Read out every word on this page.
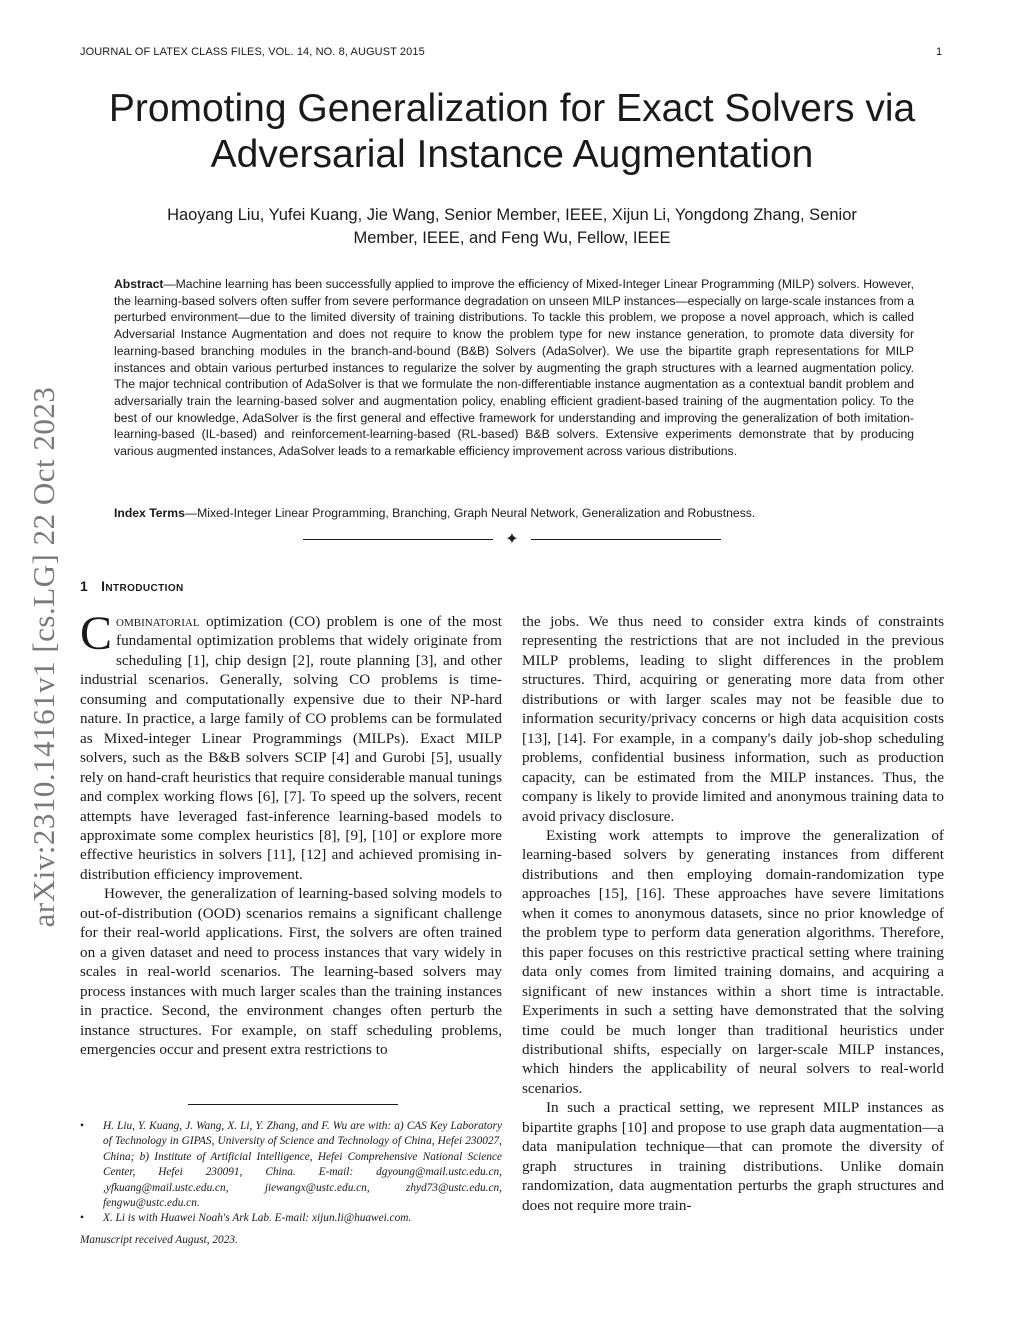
JOURNAL OF LATEX CLASS FILES, VOL. 14, NO. 8, AUGUST 2015	1
arXiv:2310.14161v1 [cs.LG] 22 Oct 2023
Promoting Generalization for Exact Solvers via
Adversarial Instance Augmentation
Haoyang Liu, Yufei Kuang, Jie Wang, Senior Member, IEEE, Xijun Li, Yongdong Zhang, Senior
Member, IEEE, and Feng Wu, Fellow, IEEE

Abstract—Machine learning has been successfully applied to improve the efficiency of Mixed-Integer Linear Programming (MILP) solvers. However, the learning-based solvers often suffer from severe performance degradation on unseen MILP instances—especially on large-scale instances from a perturbed environment—due to the limited diversity of training distributions. To tackle this problem, we propose a novel approach, which is called Adversarial Instance Augmentation and does not require to know the problem type for new instance generation, to promote data diversity for learning-based branching modules in the branch-and-bound (B&B) Solvers (AdaSolver). We use the bipartite graph representations for MILP instances and obtain various perturbed instances to regularize the solver by augmenting the graph structures with a learned augmentation policy. The major technical contribution of AdaSolver is that we formulate the non-differentiable instance augmentation as a contextual bandit problem and adversarially train the learning-based solver and augmentation policy, enabling efficient gradient-based training of the augmentation policy. To the best of our knowledge, AdaSolver is the first general and effective framework for understanding and improving the generalization of both imitation-learning-based (IL-based) and reinforcement-learning-based (RL-based) B&B solvers. Extensive experiments demonstrate that by producing various augmented instances, AdaSolver leads to a remarkable efficiency improvement across various distributions.

Index Terms—Mixed-Integer Linear Programming, Branching, Graph Neural Network, Generalization and Robustness.
✦
1 Introduction

Combinatorial optimization (CO) problem is one of the most fundamental optimization problems that widely originate from scheduling [1], chip design [2], route planning [3], and other industrial scenarios. Generally, solving CO problems is time-consuming and computationally expensive due to their NP-hard nature. In practice, a large family of CO problems can be formulated as Mixed-integer Linear Programmings (MILPs). Exact MILP solvers, such as the B&B solvers SCIP [4] and Gurobi [5], usually rely on hand-craft heuristics that require considerable manual tunings and complex working flows [6], [7]. To speed up the solvers, recent attempts have leveraged fast-inference learning-based models to approximate some complex heuristics [8], [9], [10] or explore more effective heuristics in solvers [11], [12] and achieved promising in-distribution efficiency improvement.

However, the generalization of learning-based solving models to out-of-distribution (OOD) scenarios remains a significant challenge for their real-world applications. First, the solvers are often trained on a given dataset and need to process instances that vary widely in scales in real-world scenarios. The learning-based solvers may process instances with much larger scales than the training instances in practice. Second, the environment changes often perturb the instance structures. For example, on staff scheduling problems, emergencies occur and present extra restrictions to

• H. Liu, Y. Kuang, J. Wang, X. Li, Y. Zhang, and F. Wu are with: a) CAS Key Laboratory of Technology in GIPAS, University of Science and Technology of China, Hefei 230027, China; b) Institute of Artificial Intelligence, Hefei Comprehensive National Science Center, Hefei 230091, China. E-mail: dgyoung@mail.ustc.edu.cn, ,yfkuang@mail.ustc.edu.cn, jiewangx@ustc.edu.cn, zhyd73@ustc.edu.cn, fengwu@ustc.edu.cn.
• X. Li is with Huawei Noah's Ark Lab. E-mail: xijun.li@huawei.com.
Manuscript received August, 2023.

the jobs. We thus need to consider extra kinds of constraints representing the restrictions that are not included in the previous MILP problems, leading to slight differences in the problem structures. Third, acquiring or generating more data from other distributions or with larger scales may not be feasible due to information security/privacy concerns or high data acquisition costs [13], [14]. For example, in a company's daily job-shop scheduling problems, confidential business information, such as production capacity, can be estimated from the MILP instances. Thus, the company is likely to provide limited and anonymous training data to avoid privacy disclosure.

Existing work attempts to improve the generalization of learning-based solvers by generating instances from different distributions and then employing domain-randomization type approaches [15], [16]. These approaches have severe limitations when it comes to anonymous datasets, since no prior knowledge of the problem type to perform data generation algorithms. Therefore, this paper focuses on this restrictive practical setting where training data only comes from limited training domains, and acquiring a significant of new instances within a short time is intractable. Experiments in such a setting have demonstrated that the solving time could be much longer than traditional heuristics under distributional shifts, especially on larger-scale MILP instances, which hinders the applicability of neural solvers to real-world scenarios.

In such a practical setting, we represent MILP instances as bipartite graphs [10] and propose to use graph data augmentation—a data manipulation technique—that can promote the diversity of graph structures in training distributions. Unlike domain randomization, data augmentation perturbs the graph structures and does not require more train-
